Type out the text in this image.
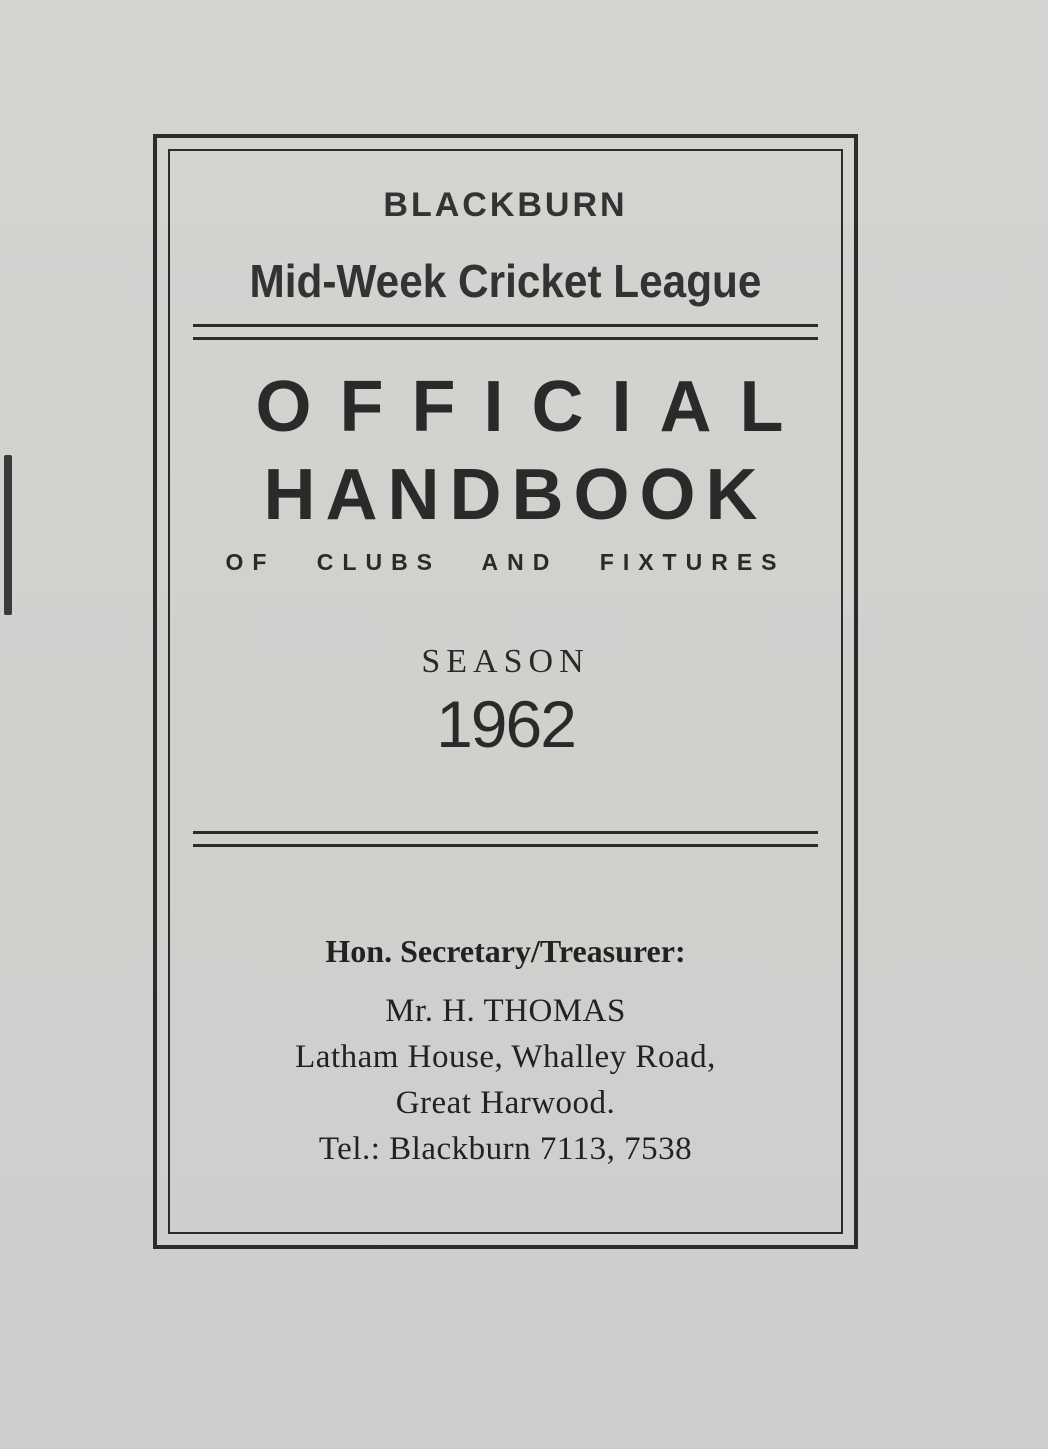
BLACKBURN
Mid-Week Cricket League
OFFICIAL
HANDBOOK
OF CLUBS AND FIXTURES
SEASON
1962
Hon. Secretary/Treasurer:
Mr. H. THOMAS
Latham House, Whalley Road,
Great Harwood.
Tel.: Blackburn 7113, 7538
